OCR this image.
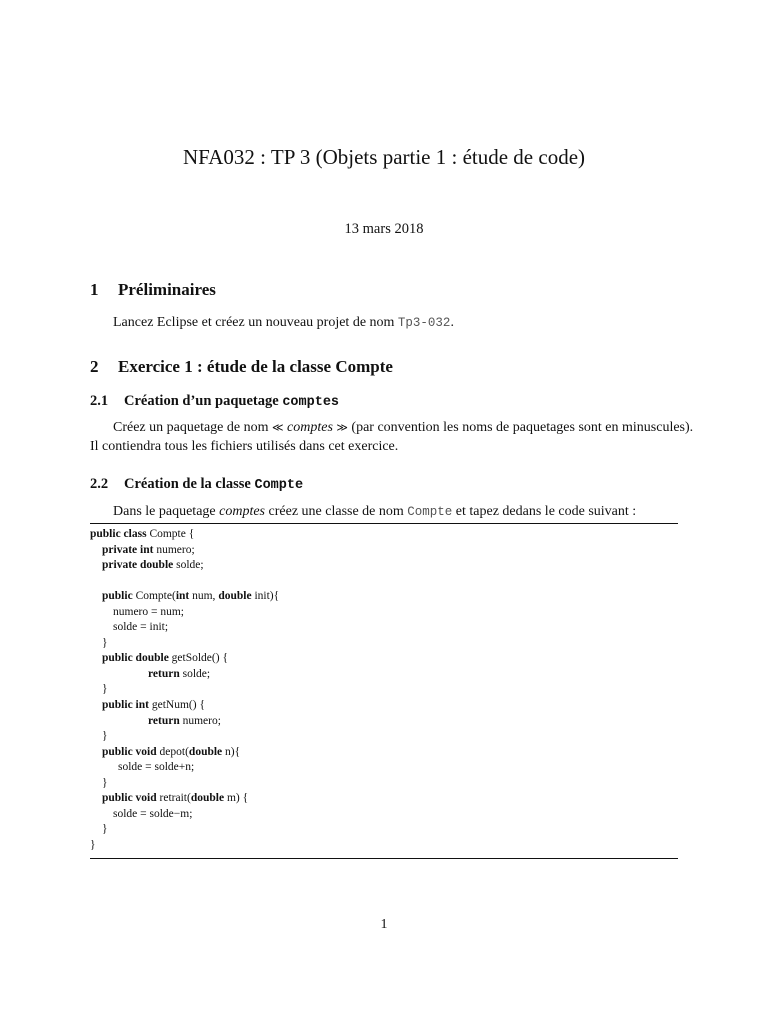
NFA032 : TP 3 (Objets partie 1 : étude de code)
13 mars 2018
1 Préliminaires
Lancez Eclipse et créez un nouveau projet de nom Tp3-032.
2 Exercice 1 : étude de la classe Compte
2.1 Création d’un paquetage comptes
Créez un paquetage de nom ≪ comptes ≫ (par convention les noms de paquetages sont en minuscules).
Il contiendra tous les fichiers utilisés dans cet exercice.
2.2 Création de la classe Compte
Dans le paquetage comptes créez une classe de nom Compte et tapez dedans le code suivant :
public class Compte {
private int numero;
private double solde;
public Compte(int num, double init){
numero = num;
solde = init;
}
public double getSolde() {
return solde;
}
public int getNum() {
return numero;
}
public void depot(double n){
solde = solde+n;
}
public void retrait(double m) {
solde = solde−m;
}
}
1
